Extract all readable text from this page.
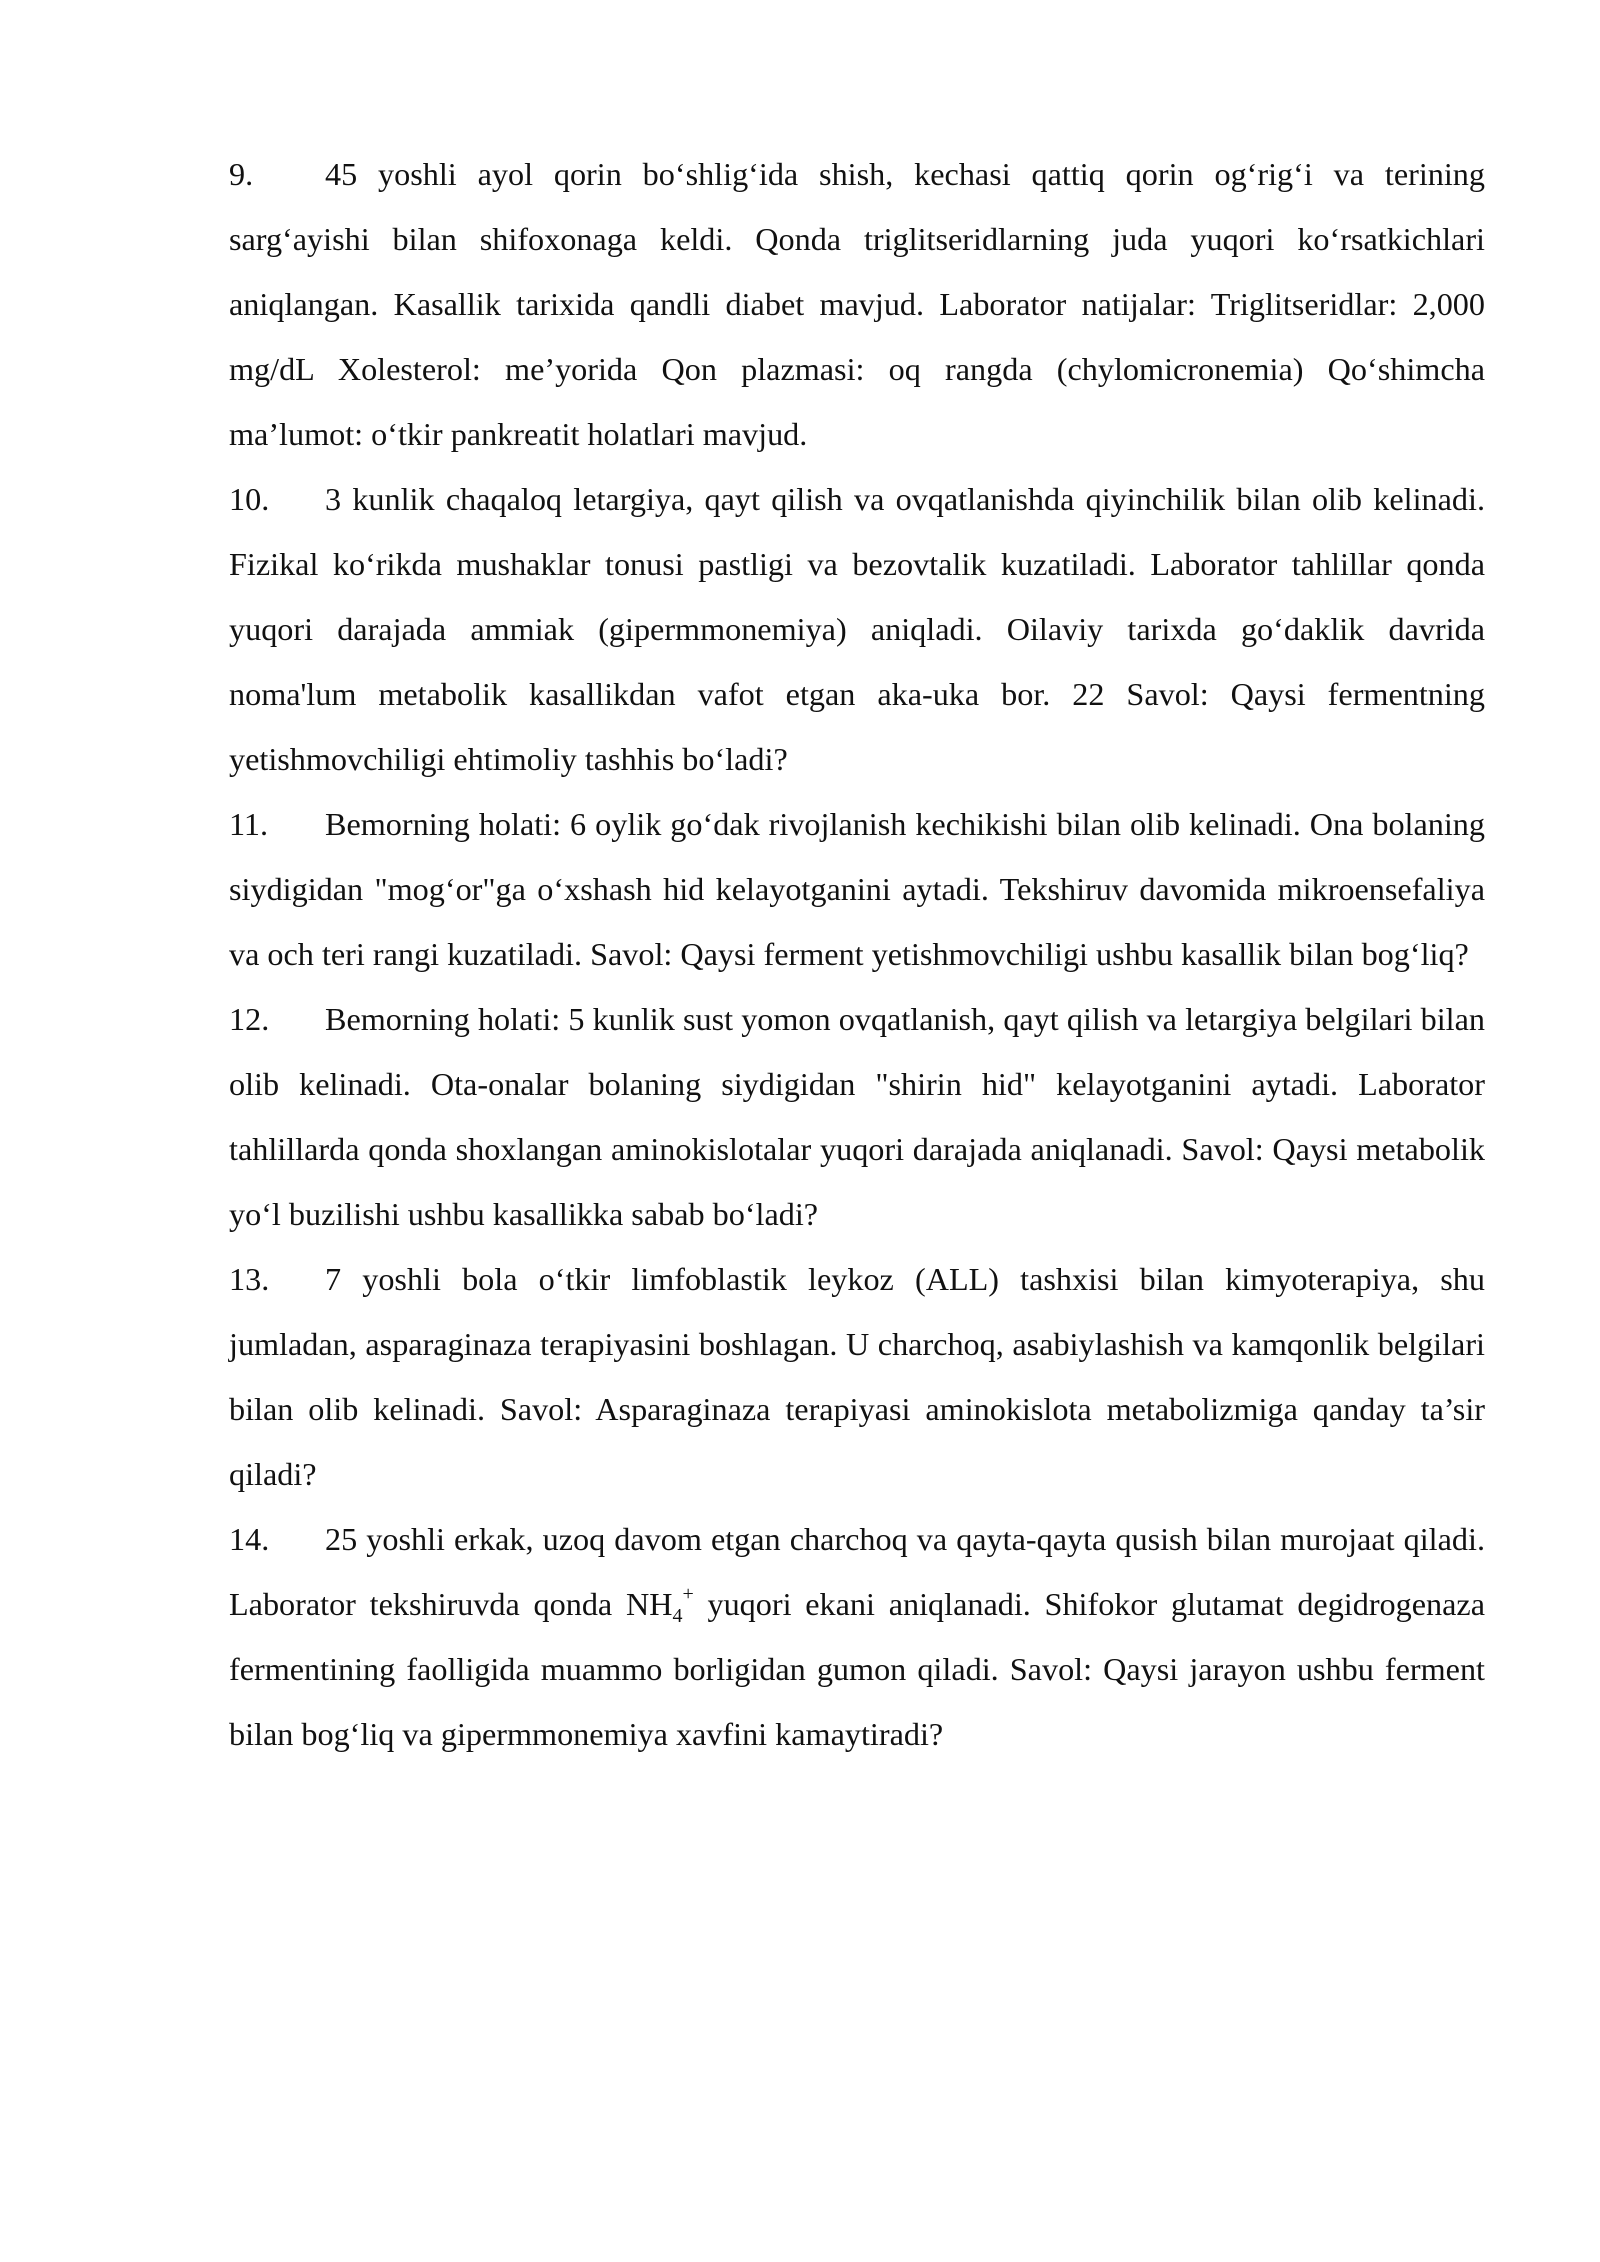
9. 45 yoshli ayol qorin bo‘shlig‘ida shish, kechasi qattiq qorin og‘rig‘i va terining sarg‘ayishi bilan shifoxonaga keldi. Qonda triglitseridlarning juda yuqori ko‘rsatkichlari aniqlangan. Kasallik tarixida qandli diabet mavjud. Laborator natijalar: Triglitseridlar: 2,000 mg/dL Xolesterol: me’yorida Qon plazmasi: oq rangda (chylomicronemia) Qo‘shimcha ma’lumot: o‘tkir pankreatit holatlari mavjud.

10. 3 kunlik chaqaloq letargiya, qayt qilish va ovqatlanishda qiyinchilik bilan olib kelinadi. Fizikal ko‘rikda mushaklar tonusi pastligi va bezovtalik kuzatiladi. Laborator tahlillar qonda yuqori darajada ammiak (gipermmonemiya) aniqladi. Oilaviy tarixda go‘daklik davrida noma'lum metabolik kasallikdan vafot etgan aka-uka bor. 22 Savol: Qaysi fermentning yetishmovchiligi ehtimoliy tashhis bo‘ladi?

11. Bemorning holati: 6 oylik go‘dak rivojlanish kechikishi bilan olib kelinadi. Ona bolaning siydigidan "mog‘or"ga o‘xshash hid kelayotganini aytadi. Tekshiruv davomida mikroensefaliya va och teri rangi kuzatiladi. Savol: Qaysi ferment yetishmovchiligi ushbu kasallik bilan bog‘liq?

12. Bemorning holati: 5 kunlik sust yomon ovqatlanish, qayt qilish va letargiya belgilari bilan olib kelinadi. Ota-onalar bolaning siydigidan "shirin hid" kelayotganini aytadi. Laborator tahlillarda qonda shoxlangan aminokislotalar yuqori darajada aniqlanadi. Savol: Qaysi metabolik yo‘l buzilishi ushbu kasallikka sabab bo‘ladi?

13. 7 yoshli bola o‘tkir limfoblastik leykoz (ALL) tashxisi bilan kimyoterapiya, shu jumladan, asparaginaza terapiyasini boshlagan. U charchoq, asabiylashish va kamqonlik belgilari bilan olib kelinadi. Savol: Asparaginaza terapiyasi aminokislota metabolizmiga qanday ta’sir qiladi?

14. 25 yoshli erkak, uzoq davom etgan charchoq va qayta-qayta qusish bilan murojaat qiladi. Laborator tekshiruvda qonda $NH_4^+$ yuqori ekani aniqlanadi. Shifokor glutamat degidrogenaza fermentining faolligida muammo borligidan gumon qiladi. Savol: Qaysi jarayon ushbu ferment bilan bog‘liq va gipermmonemiya xavfini kamaytiradi?
